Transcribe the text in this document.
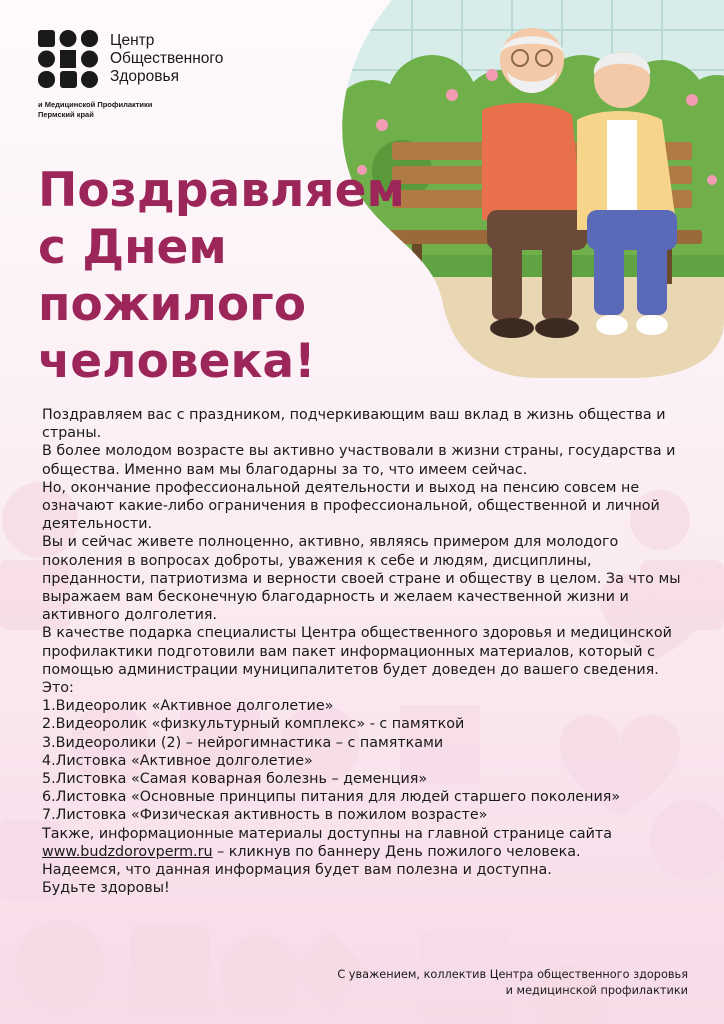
Центр
Общественного
Здоровья
и Медицинской Профилактики
Пермский край
Поздравляем
с Днем
пожилого
человека!

Поздравляем вас с праздником, подчеркивающим ваш вклад в жизнь общества и страны.

В более молодом возрасте вы активно участвовали в жизни страны, государства и общества. Именно вам мы благодарны за то, что имеем сейчас.

Но, окончание профессиональной деятельности и выход на пенсию совсем не означают какие-либо ограничения в профессиональной, общественной и личной деятельности.

Вы и сейчас живете полноценно, активно, являясь примером для молодого поколения в вопросах доброты, уважения к себе и людям, дисциплины, преданности, патриотизма и верности своей стране и обществу в целом. За что мы выражаем вам бесконечную благодарность и желаем качественной жизни и активного долголетия.

В качестве подарка специалисты Центра общественного здоровья и медицинской профилактики подготовили вам пакет информационных материалов, который с помощью администрации муниципалитетов будет доведен до вашего сведения.

Это:

1.Видеоролик «Активное долголетие»

2.Видеоролик «физкультурный комплекс» - с памяткой

3.Видеоролики (2) – нейрогимнастика – с памятками

4.Листовка «Активное долголетие»

5.Листовка «Самая коварная болезнь – деменция»

6.Листовка «Основные принципы питания для людей старшего поколения»

7.Листовка «Физическая активность в пожилом возрасте»

Также, информационные материалы доступны на главной странице сайта
www.budzdorovperm.ru – кликнув по баннеру День пожилого человека.

Надеемся, что данная информация будет вам полезна и доступна.

Будьте здоровы!

С уважением, коллектив Центра общественного здоровья
и медицинской профилактики
